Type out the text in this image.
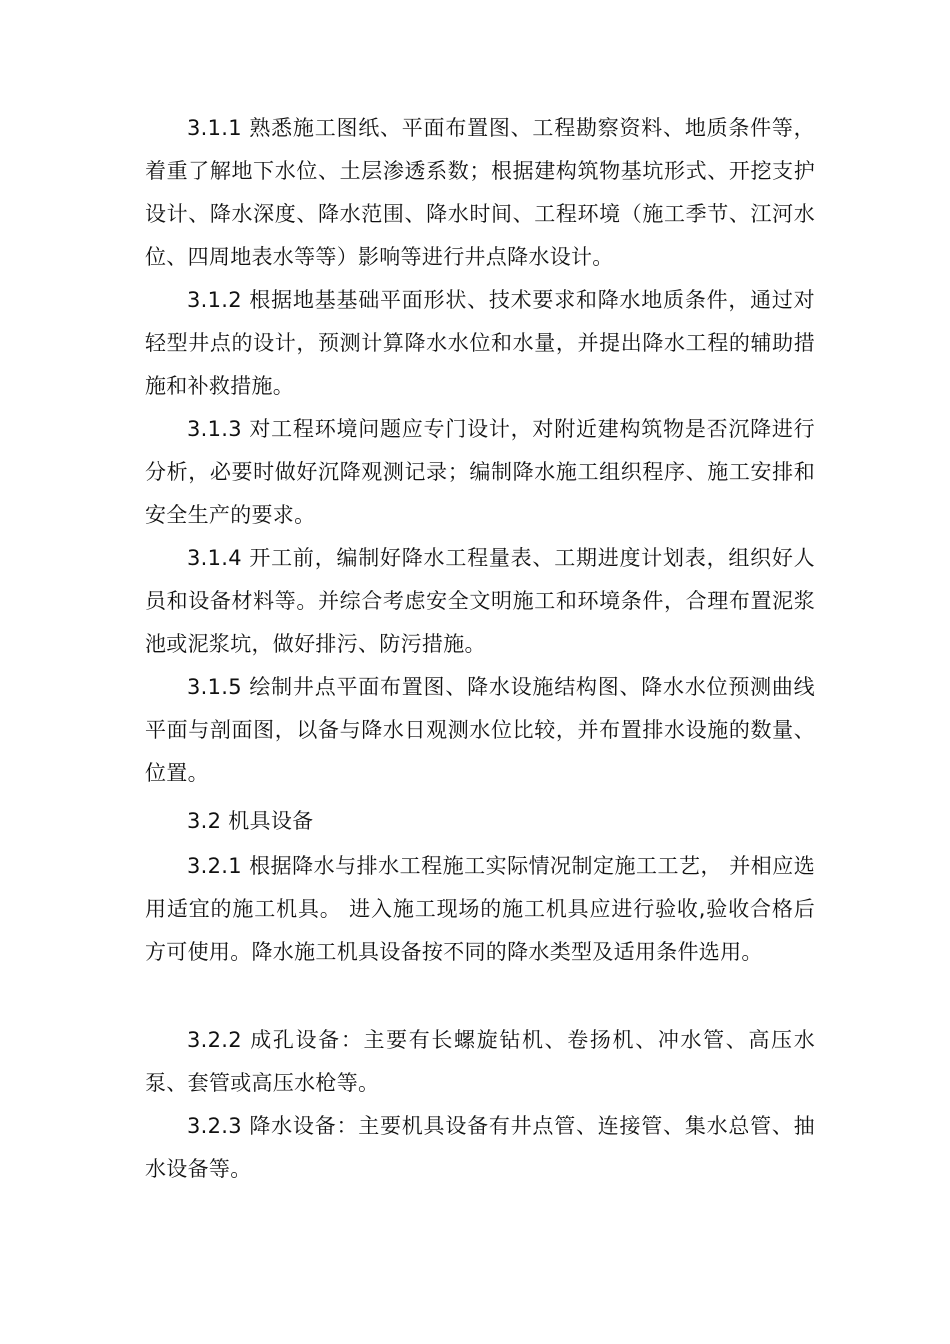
3.1.1 熟悉施工图纸、平面布置图、工程勘察资料、地质条件等，着重了解地下水位、土层渗透系数；根据建构筑物基坑形式、开挖支护设计、降水深度、降水范围、降水时间、工程环境（施工季节、江河水位、四周地表水等等）影响等进行井点降水设计。

3.1.2 根据地基基础平面形状、技术要求和降水地质条件，通过对轻型井点的设计，预测计算降水水位和水量，并提出降水工程的辅助措施和补救措施。

3.1.3 对工程环境问题应专门设计，对附近建构筑物是否沉降进行分析，必要时做好沉降观测记录；编制降水施工组织程序、施工安排和安全生产的要求。

3.1.4 开工前，编制好降水工程量表、工期进度计划表，组织好人员和设备材料等。并综合考虑安全文明施工和环境条件，合理布置泥浆池或泥浆坑，做好排污、防污措施。

3.1.5 绘制井点平面布置图、降水设施结构图、降水水位预测曲线平面与剖面图，以备与降水日观测水位比较，并布置排水设施的数量、位置。

3.2 机具设备

3.2.1 根据降水与排水工程施工实际情况制定施工工艺， 并相应选用适宜的施工机具。 进入施工现场的施工机具应进行验收,验收合格后方可使用。降水施工机具设备按不同的降水类型及适用条件选用。

3.2.2 成孔设备：主要有长螺旋钻机、卷扬机、冲水管、高压水泵、套管或高压水枪等。

3.2.3 降水设备：主要机具设备有井点管、连接管、集水总管、抽水设备等。
